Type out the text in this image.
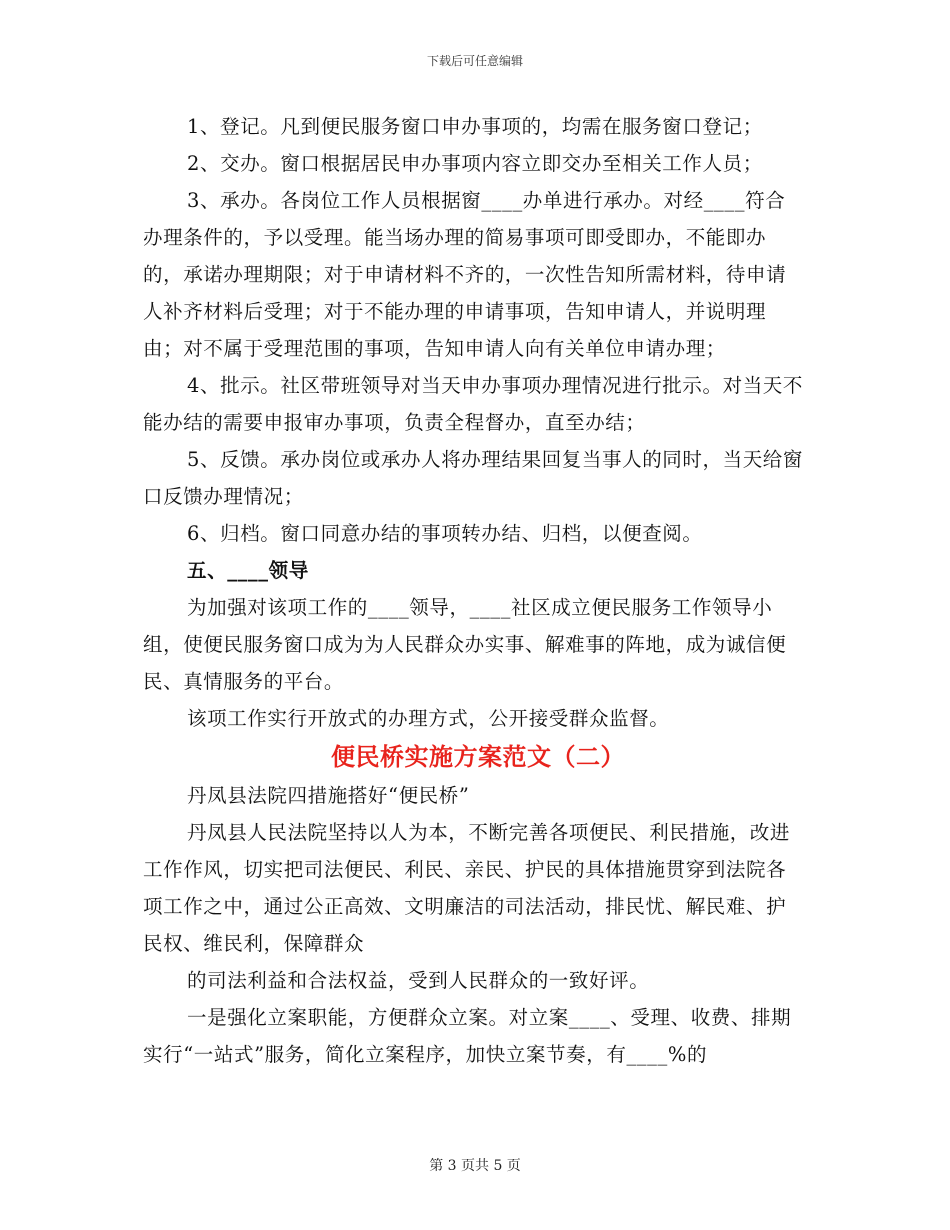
下载后可任意编辑

1、登记。凡到便民服务窗口申办事项的，均需在服务窗口登记；

2、交办。窗口根据居民申办事项内容立即交办至相关工作人员；

3、承办。各岗位工作人员根据窗____办单进行承办。对经____符合办理条件的，予以受理。能当场办理的简易事项可即受即办，不能即办的，承诺办理期限；对于申请材料不齐的，一次性告知所需材料，待申请人补齐材料后受理；对于不能办理的申请事项，告知申请人，并说明理由；对不属于受理范围的事项，告知申请人向有关单位申请办理；

4、批示。社区带班领导对当天申办事项办理情况进行批示。对当天不能办结的需要申报审办事项，负责全程督办，直至办结；

5、反馈。承办岗位或承办人将办理结果回复当事人的同时，当天给窗口反馈办理情况；

6、归档。窗口同意办结的事项转办结、归档，以便查阅。

五、____领导

为加强对该项工作的____领导，____社区成立便民服务工作领导小组，使便民服务窗口成为为人民群众办实事、解难事的阵地，成为诚信便民、真情服务的平台。

该项工作实行开放式的办理方式，公开接受群众监督。

便民桥实施方案范文（二）

丹凤县法院四措施搭好“便民桥”

丹凤县人民法院坚持以人为本，不断完善各项便民、利民措施，改进工作作风，切实把司法便民、利民、亲民、护民的具体措施贯穿到法院各项工作之中，通过公正高效、文明廉洁的司法活动，排民忧、解民难、护民权、维民利，保障群众

的司法利益和合法权益，受到人民群众的一致好评。

一是强化立案职能，方便群众立案。对立案____、受理、收费、排期实行“一站式”服务，简化立案程序，加快立案节奏，有____%的

第 3 页共 5 页
